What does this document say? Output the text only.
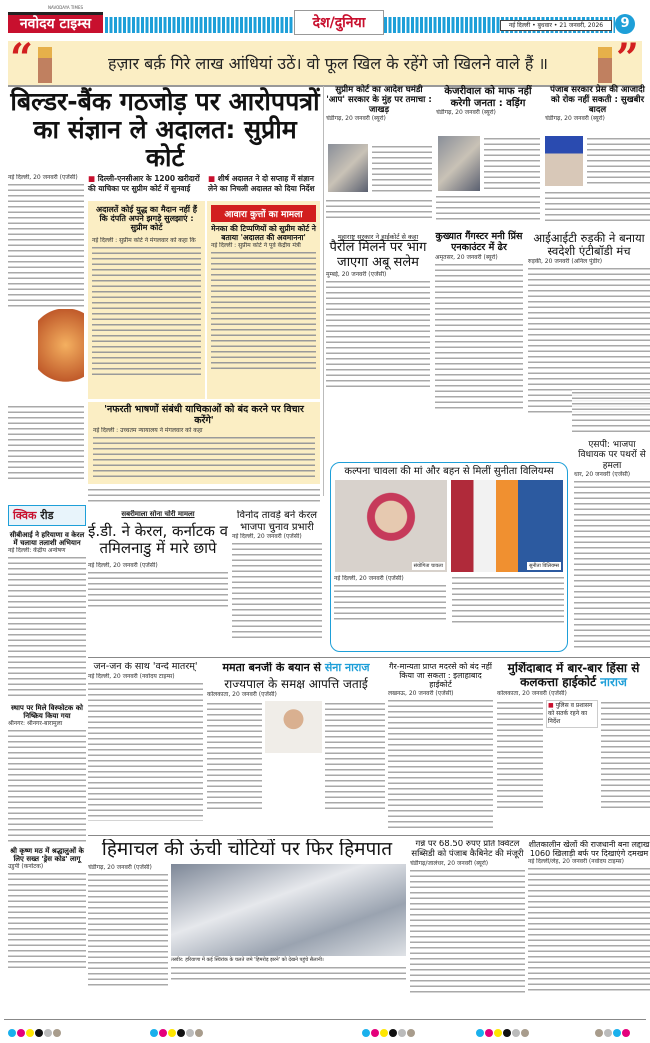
NAVODAYA TIMES
नवोदय टाइम्स	देश/दुनिया	नई दिल्ली • बुधवार • 21 जनवरी, 2026	9
“	हज़ार बर्क़ गिरे लाख आंधियां उठें। वो फूल खिल के रहेंगे जो खिलने वाले हैं ॥	”
बिल्डर-बैंक गठजोड़ पर आरोपपत्रों का संज्ञान ले अदालत: सुप्रीम कोर्ट
नई दिल्ली, 20 जनवरी (एजेंसी)	■ दिल्ली-एनसीआर के 1200 खरीदारों की याचिका पर सुप्रीम कोर्ट में सुनवाई
■ शीर्ष अदालत ने दो सप्ताह में संज्ञान लेने का निचली अदालत को दिया निर्देश
अदालतें कोई युद्ध का मैदान नहीं हैं कि दंपति अपने झगड़े सुलझाएं : सुप्रीम कोर्ट
नई दिल्ली : सुप्रीम कोर्ट ने मंगलवार को कहा कि
आवारा कुत्तों का मामला
मेनका की टिप्पणियों को सुप्रीम कोर्ट ने बताया 'अदालत की अवमानना'
नई दिल्ली : सुप्रीम कोर्ट ने पूर्व केंद्रीय मंत्री
'नफरती भाषणों संबंधी याचिकाओं को बंद करने पर विचार करेंगे'
नई दिल्ली : उच्चतम न्यायालय ने मंगलवार को कहा
सुप्रीम कोर्ट का आदेश घमंडी 'आप' सरकार के मुंह पर तमाचा : जाखड़
चंडीगढ़, 20 जनवरी (ब्यूरो)
केजरीवाल को माफ नहीं करेगी जनता : वड़िंग
चंडीगढ़, 20 जनवरी (ब्यूरो)
पंजाब सरकार प्रेस की आजादी को रोक नहीं सकती : सुखबीर बादल
चंडीगढ़, 20 जनवरी (ब्यूरो)
महाराष्ट्र सरकार ने हाईकोर्ट से कहा
पैरोल मिलने पर भाग जाएगा अबू सलेम
मुम्बई, 20 जनवरी (एजेंसी)
कुख्यात गैंगस्टर मनी प्रिंस एनकाउंटर में ढेर
अमृतसर, 20 जनवरी (ब्यूरो)
आईआईटी रुड़की ने बनाया स्वदेशी एंटीबॉडी मंच
रुड़की, 20 जनवरी (अनिल पुंडीर)
कल्पना चावला की मां और बहन से मिलीं सुनीता विलियम्स
संयोगिता चावला	सुनीता विलियम्स
नई दिल्ली, 20 जनवरी (एजेंसी)
एसपी: भाजपा विधायक पर पथरों से हमला
धार, 20 जनवरी (एजेंसी)
क्विक रीड
सीबीआई ने हरियाणा व केरल में चलाया तलाशी अभियान
नई दिल्ली: केंद्रीय अन्वेषण
स्थाप पर मिले विस्फोटक को निष्क्रिय किया गया
श्रीनगर: श्रीनगर-बारामुला
श्री कृष्ण मठ में श्रद्धालुओं के लिए सख्त 'ड्रेस कोड' लागू
उडुपी (कर्नाटक)
सबरीमाला सोना चोरी मामला
ई.डी. ने केरल, कर्नाटक व तमिलनाडु में मारे छापे
नई दिल्ली, 20 जनवरी (एजेंसी)
विनोद तावड़े बने केरल भाजपा चुनाव प्रभारी
नई दिल्ली, 20 जनवरी (एजेंसी)
जन-जन के साथ 'वन्दे मातरम्'
नई दिल्ली, 20 जनवरी (नवोदय टाइम्स)
ममता बनर्जी के बयान से सेना नाराज
राज्यपाल के समक्ष आपत्ति जताई
कोलकाता, 20 जनवरी (एजेंसी)
गैर-मान्यता प्राप्त मदरसे को बंद नहीं किया जा सकता : इलाहाबाद हाईकोर्ट
लखनऊ, 20 जनवरी (एजेंसी)
मुर्शिदाबाद में बार-बार हिंसा से कलकत्ता हाईकोर्ट नाराज
कोलकाता, 20 जनवरी (एजेंसी)
■ पुलिस व प्रशासन को सतर्क रहने का निर्देश
हिमाचल की ऊंची चोटियों पर फिर हिमपात
चंडीगढ़, 20 जनवरी (एजेंसी)
तस्वीर: हरियाणा में कई स्थिरांक के चलते जमे 'हिमरोड़ झरने' को देखने पहुंचे सैलानी।
गन्ने पर 68.50 रुपए प्रति क्विंटल सब्सिडी को पंजाब कैबिनेट की मंजूरी
चंडीगढ़/जालंधर, 20 जनवरी (ब्यूरो)
शीतकालीन खेलों की राजधानी बना लद्दाख 1060 खिलाड़ी बर्फ पर दिखाएंगे दमखम
नई दिल्ली/लेह, 20 जनवरी (नवोदय टाइम्स)
